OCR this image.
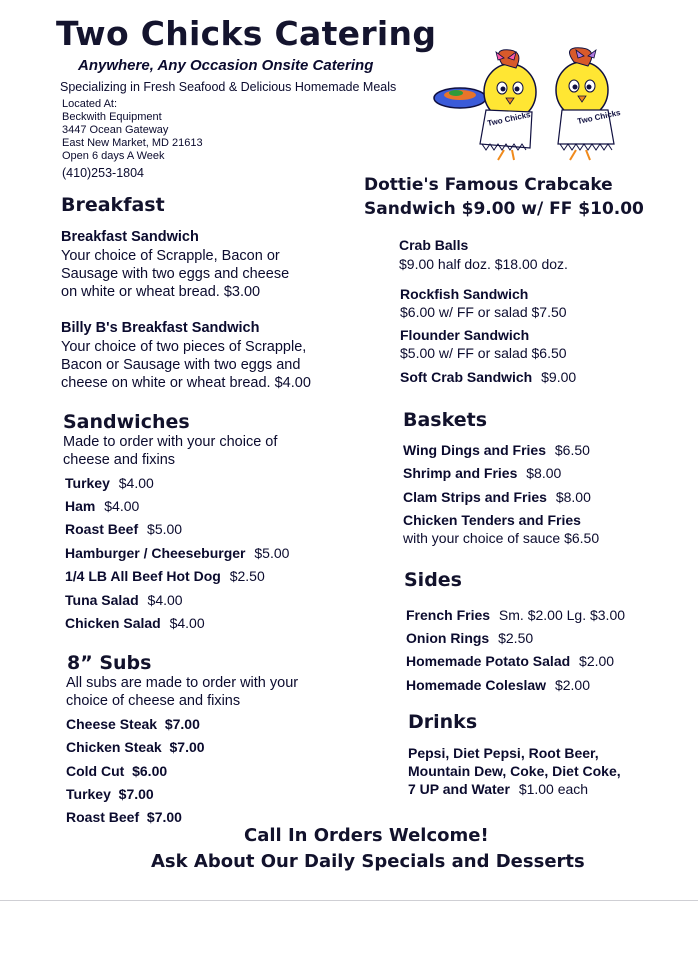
Two Chicks Catering
Anywhere, Any Occasion Onsite Catering
Specializing in Fresh Seafood & Delicious Homemade Meals
Located At:
Beckwith Equipment
3447 Ocean Gateway
East New Market, MD 21613
Open 6 days A Week
(410)253-1804
Two Chicks	Two Chicks
Breakfast
Breakfast Sandwich
Your choice of Scrapple, Bacon or
Sausage with two eggs and cheese
on white or wheat bread. $3.00
Billy B's Breakfast Sandwich
Your choice of two pieces of Scrapple,
Bacon or Sausage with two eggs and
cheese on white or wheat bread. $4.00
Sandwiches
Made to order with your choice of
cheese and fixins
Turkey $4.00
Ham $4.00
Roast Beef $5.00
Hamburger / Cheeseburger $5.00
1/4 LB All Beef Hot Dog $2.50
Tuna Salad $4.00
Chicken Salad $4.00
8” Subs
All subs are made to order with your
choice of cheese and fixins
Cheese Steak $7.00
Chicken Steak $7.00
Cold Cut $6.00
Turkey $7.00
Roast Beef $7.00
Dottie's Famous Crabcake
Sandwich $9.00 w/ FF $10.00
Crab Balls
$9.00 half doz. $18.00 doz.
Rockfish Sandwich
$6.00 w/ FF or salad $7.50
Flounder Sandwich
$5.00 w/ FF or salad $6.50
Soft Crab Sandwich $9.00
Baskets
Wing Dings and Fries $6.50
Shrimp and Fries $8.00
Clam Strips and Fries $8.00
Chicken Tenders and Fries
with your choice of sauce $6.50
Sides
French Fries Sm. $2.00 Lg. $3.00
Onion Rings $2.50
Homemade Potato Salad $2.00
Homemade Coleslaw $2.00
Drinks
Pepsi, Diet Pepsi, Root Beer,
Mountain Dew, Coke, Diet Coke,
7 UP and Water $1.00 each
Call In Orders Welcome!
Ask About Our Daily Specials and Desserts
